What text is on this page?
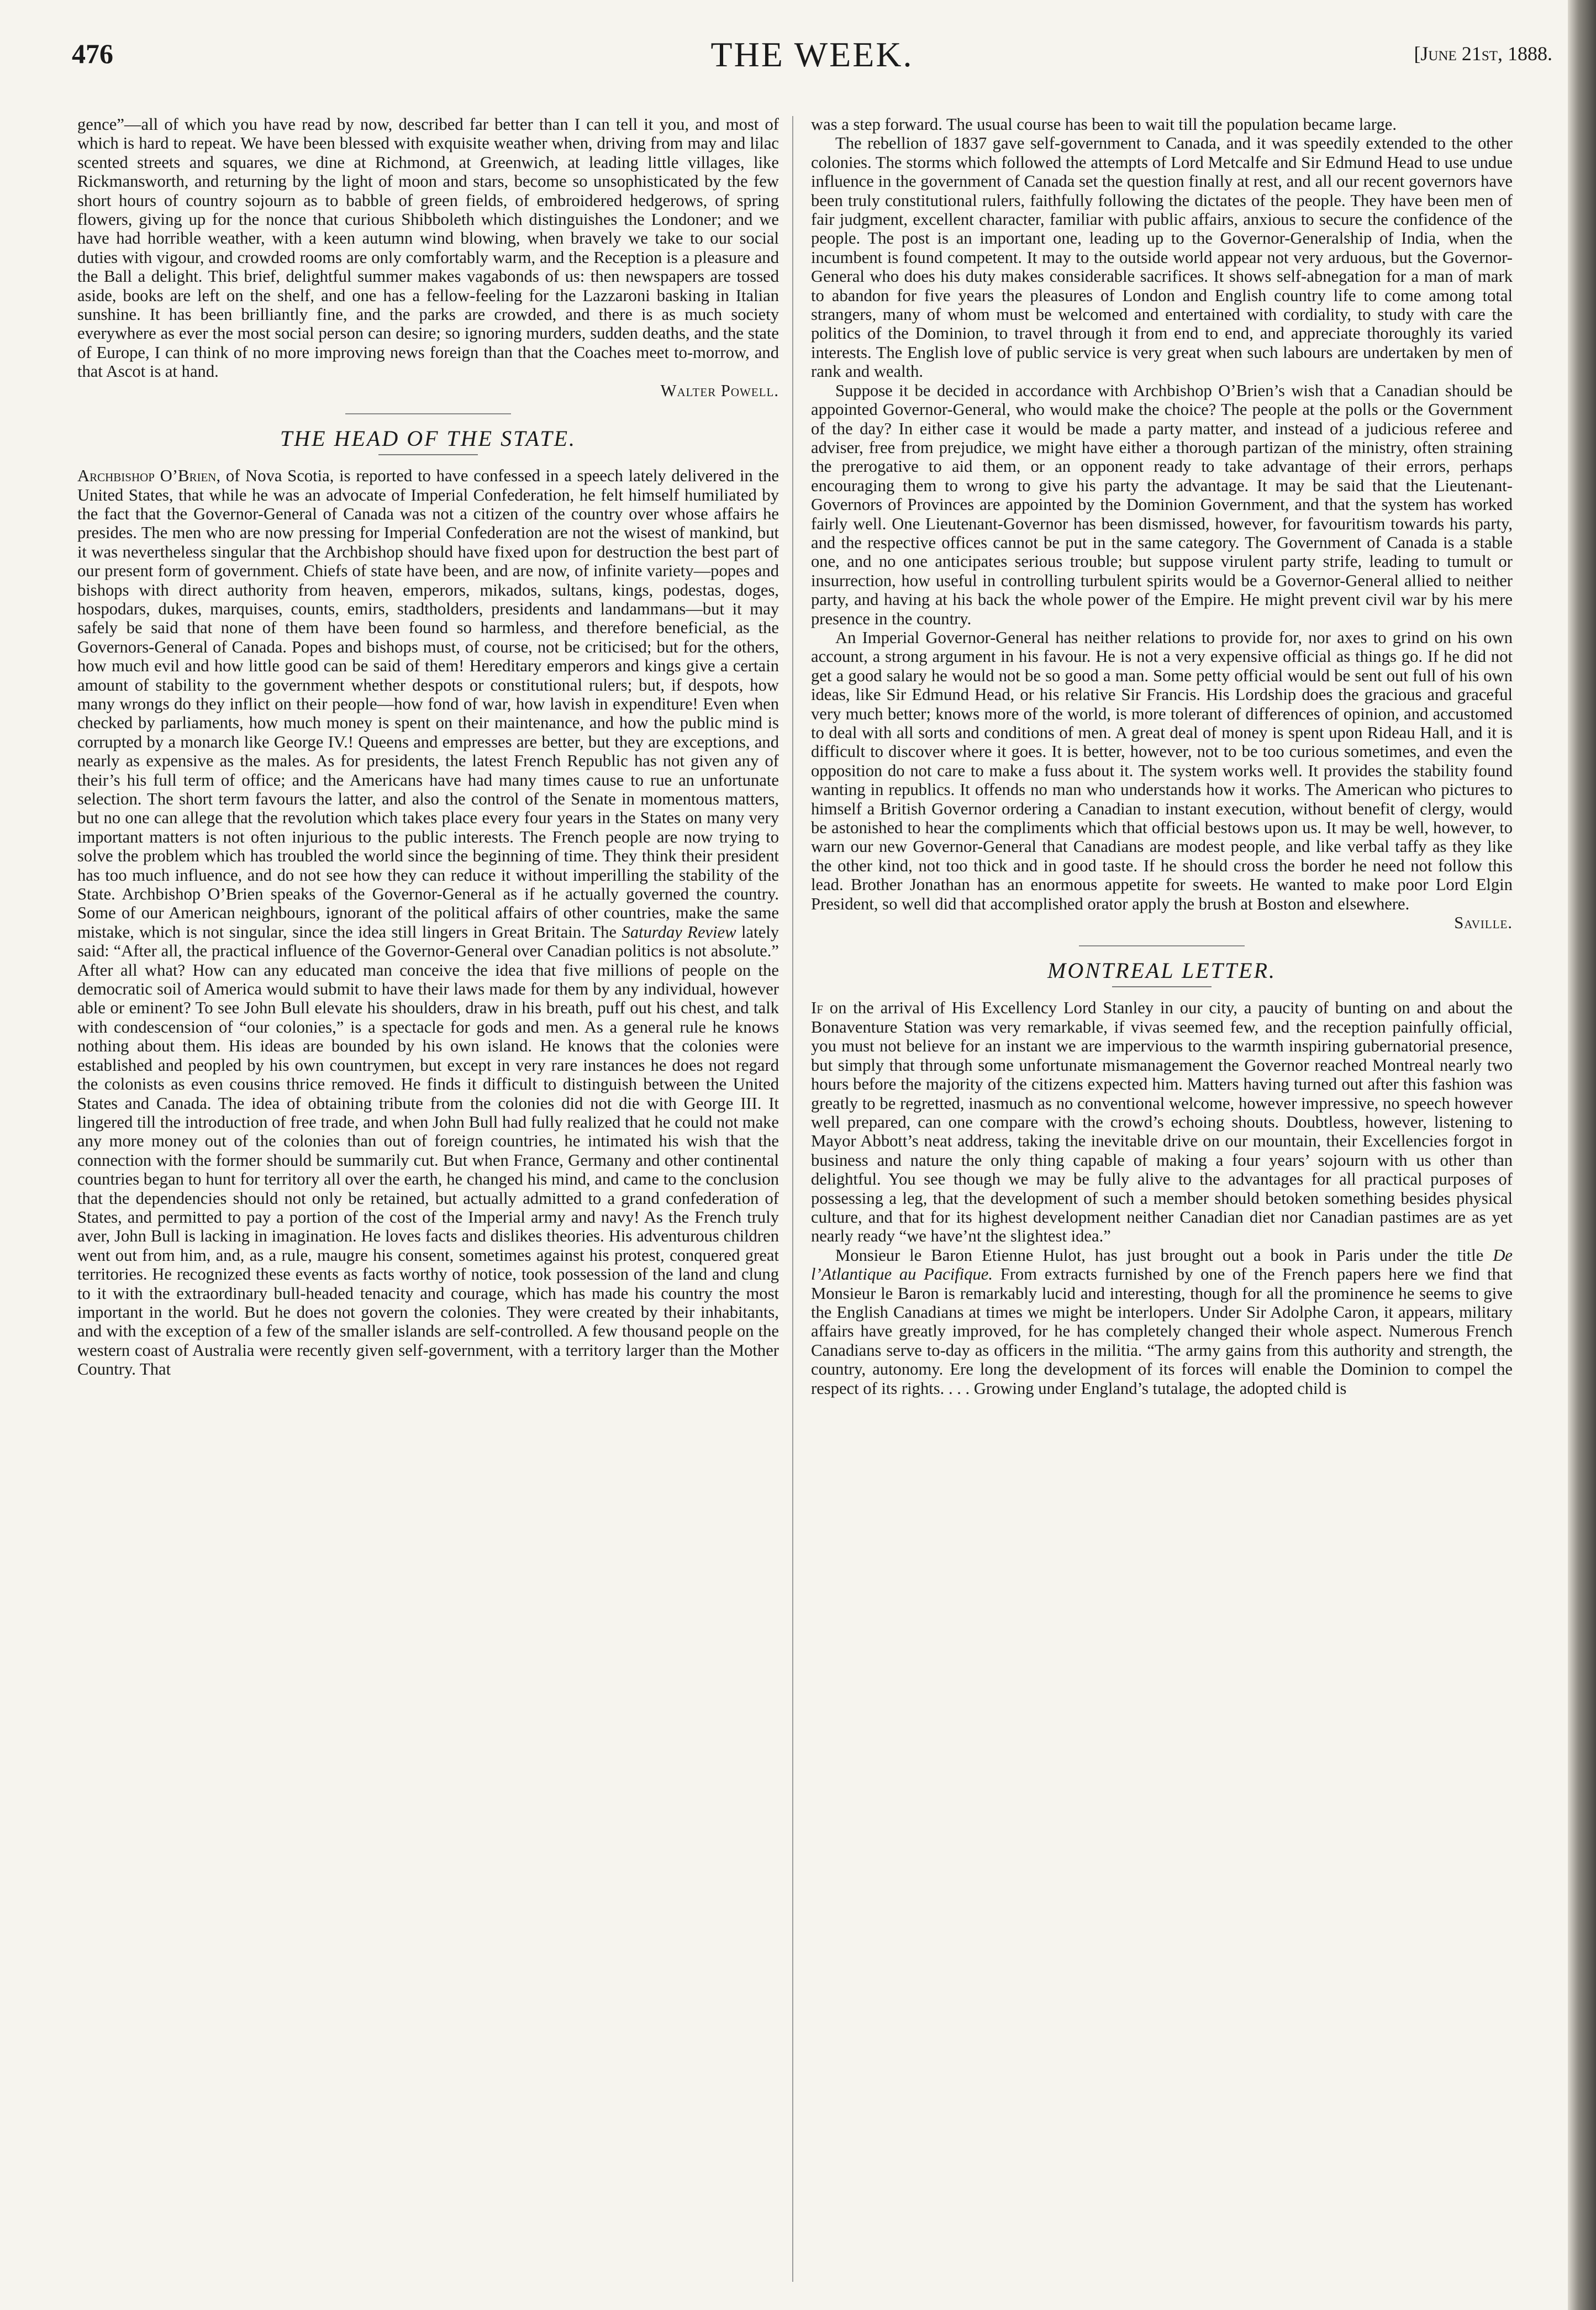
476	THE WEEK.	[June 21st, 1888.

gence”—all of which you have read by now, described far better than I can tell it you, and most of which is hard to repeat. We have been blessed with exquisite weather when, driving from may and lilac scented streets and squares, we dine at Richmond, at Greenwich, at leading little villages, like Rickmansworth, and returning by the light of moon and stars, become so unsophisticated by the few short hours of country sojourn as to babble of green fields, of embroidered hedgerows, of spring flowers, giving up for the nonce that curious Shibboleth which distinguishes the Londoner; and we have had horrible weather, with a keen autumn wind blowing, when bravely we take to our social duties with vigour, and crowded rooms are only comfortably warm, and the Reception is a pleasure and the Ball a delight. This brief, delightful summer makes vagabonds of us: then newspapers are tossed aside, books are left on the shelf, and one has a fellow-feeling for the Lazzaroni basking in Italian sunshine. It has been brilliantly fine, and the parks are crowded, and there is as much society everywhere as ever the most social person can desire; so ignoring murders, sudden deaths, and the state of Europe, I can think of no more improving news foreign than that the Coaches meet to-morrow, and that Ascot is at hand.
Walter Powell.

THE HEAD OF THE STATE.

Archbishop O’Brien, of Nova Scotia, is reported to have confessed in a speech lately delivered in the United States, that while he was an advocate of Imperial Confederation, he felt himself humiliated by the fact that the Governor-General of Canada was not a citizen of the country over whose affairs he presides. The men who are now pressing for Imperial Confederation are not the wisest of mankind, but it was nevertheless singular that the Archbishop should have fixed upon for destruction the best part of our present form of government. Chiefs of state have been, and are now, of infinite variety—popes and bishops with direct authority from heaven, emperors, mikados, sultans, kings, podestas, doges, hospodars, dukes, marquises, counts, emirs, stadtholders, presidents and landammans—but it may safely be said that none of them have been found so harmless, and therefore beneficial, as the Governors-General of Canada. Popes and bishops must, of course, not be criticised; but for the others, how much evil and how little good can be said of them! Hereditary emperors and kings give a certain amount of stability to the government whether despots or constitutional rulers; but, if despots, how many wrongs do they inflict on their people—how fond of war, how lavish in expenditure! Even when checked by parliaments, how much money is spent on their maintenance, and how the public mind is corrupted by a monarch like George IV.! Queens and empresses are better, but they are exceptions, and nearly as expensive as the males. As for presidents, the latest French Republic has not given any of their’s his full term of office; and the Americans have had many times cause to rue an unfortunate selection. The short term favours the latter, and also the control of the Senate in momentous matters, but no one can allege that the revolution which takes place every four years in the States on many very important matters is not often injurious to the public interests. The French people are now trying to solve the problem which has troubled the world since the beginning of time. They think their president has too much influence, and do not see how they can reduce it without imperilling the stability of the State. Archbishop O’Brien speaks of the Governor-General as if he actually governed the country. Some of our American neighbours, ignorant of the political affairs of other countries, make the same mistake, which is not singular, since the idea still lingers in Great Britain. The Saturday Review lately said: “After all, the practical influence of the Governor-General over Canadian politics is not absolute.” After all what? How can any educated man conceive the idea that five millions of people on the democratic soil of America would submit to have their laws made for them by any individual, however able or eminent? To see John Bull elevate his shoulders, draw in his breath, puff out his chest, and talk with condescension of “our colonies,” is a spectacle for gods and men. As a general rule he knows nothing about them. His ideas are bounded by his own island. He knows that the colonies were established and peopled by his own countrymen, but except in very rare instances he does not regard the colonists as even cousins thrice removed. He finds it difficult to distinguish between the United States and Canada. The idea of obtaining tribute from the colonies did not die with George III. It lingered till the introduction of free trade, and when John Bull had fully realized that he could not make any more money out of the colonies than out of foreign countries, he intimated his wish that the connection with the former should be summarily cut. But when France, Germany and other continental countries began to hunt for territory all over the earth, he changed his mind, and came to the conclusion that the dependencies should not only be retained, but actually admitted to a grand confederation of States, and permitted to pay a portion of the cost of the Imperial army and navy! As the French truly aver, John Bull is lacking in imagination. He loves facts and dislikes theories. His adventurous children went out from him, and, as a rule, maugre his consent, sometimes against his protest, conquered great territories. He recognized these events as facts worthy of notice, took possession of the land and clung to it with the extraordinary bull-headed tenacity and courage, which has made his country the most important in the world. But he does not govern the colonies. They were created by their inhabitants, and with the exception of a few of the smaller islands are self-controlled. A few thousand people on the western coast of Australia were recently given self-government, with a territory larger than the Mother Country. That

was a step forward. The usual course has been to wait till the population became large.

The rebellion of 1837 gave self-government to Canada, and it was speedily extended to the other colonies. The storms which followed the attempts of Lord Metcalfe and Sir Edmund Head to use undue influence in the government of Canada set the question finally at rest, and all our recent governors have been truly constitutional rulers, faithfully following the dictates of the people. They have been men of fair judgment, excellent character, familiar with public affairs, anxious to secure the confidence of the people. The post is an important one, leading up to the Governor-Generalship of India, when the incumbent is found competent. It may to the outside world appear not very arduous, but the Governor-General who does his duty makes considerable sacrifices. It shows self-abnegation for a man of mark to abandon for five years the pleasures of London and English country life to come among total strangers, many of whom must be welcomed and entertained with cordiality, to study with care the politics of the Dominion, to travel through it from end to end, and appreciate thoroughly its varied interests. The English love of public service is very great when such labours are undertaken by men of rank and wealth.

Suppose it be decided in accordance with Archbishop O’Brien’s wish that a Canadian should be appointed Governor-General, who would make the choice? The people at the polls or the Government of the day? In either case it would be made a party matter, and instead of a judicious referee and adviser, free from prejudice, we might have either a thorough partizan of the ministry, often straining the prerogative to aid them, or an opponent ready to take advantage of their errors, perhaps encouraging them to wrong to give his party the advantage. It may be said that the Lieutenant-Governors of Provinces are appointed by the Dominion Government, and that the system has worked fairly well. One Lieutenant-Governor has been dismissed, however, for favouritism towards his party, and the respective offices cannot be put in the same category. The Government of Canada is a stable one, and no one anticipates serious trouble; but suppose virulent party strife, leading to tumult or insurrection, how useful in controlling turbulent spirits would be a Governor-General allied to neither party, and having at his back the whole power of the Empire. He might prevent civil war by his mere presence in the country.

An Imperial Governor-General has neither relations to provide for, nor axes to grind on his own account, a strong argument in his favour. He is not a very expensive official as things go. If he did not get a good salary he would not be so good a man. Some petty official would be sent out full of his own ideas, like Sir Edmund Head, or his relative Sir Francis. His Lordship does the gracious and graceful very much better; knows more of the world, is more tolerant of differences of opinion, and accustomed to deal with all sorts and conditions of men. A great deal of money is spent upon Rideau Hall, and it is difficult to discover where it goes. It is better, however, not to be too curious sometimes, and even the opposition do not care to make a fuss about it. The system works well. It provides the stability found wanting in republics. It offends no man who understands how it works. The American who pictures to himself a British Governor ordering a Canadian to instant execution, without benefit of clergy, would be astonished to hear the compliments which that official bestows upon us. It may be well, however, to warn our new Governor-General that Canadians are modest people, and like verbal taffy as they like the other kind, not too thick and in good taste. If he should cross the border he need not follow this lead. Brother Jonathan has an enormous appetite for sweets. He wanted to make poor Lord Elgin President, so well did that accomplished orator apply the brush at Boston and elsewhere.
Saville.

MONTREAL LETTER.

If on the arrival of His Excellency Lord Stanley in our city, a paucity of bunting on and about the Bonaventure Station was very remarkable, if vivas seemed few, and the reception painfully official, you must not believe for an instant we are impervious to the warmth inspiring gubernatorial presence, but simply that through some unfortunate mismanagement the Governor reached Montreal nearly two hours before the majority of the citizens expected him. Matters having turned out after this fashion was greatly to be regretted, inasmuch as no conventional welcome, however impressive, no speech however well prepared, can one compare with the crowd’s echoing shouts. Doubtless, however, listening to Mayor Abbott’s neat address, taking the inevitable drive on our mountain, their Excellencies forgot in business and nature the only thing capable of making a four years’ sojourn with us other than delightful. You see though we may be fully alive to the advantages for all practical purposes of possessing a leg, that the development of such a member should betoken something besides physical culture, and that for its highest development neither Canadian diet nor Canadian pastimes are as yet nearly ready “we have’nt the slightest idea.”

Monsieur le Baron Etienne Hulot, has just brought out a book in Paris under the title De l’Atlantique au Pacifique. From extracts furnished by one of the French papers here we find that Monsieur le Baron is remarkably lucid and interesting, though for all the prominence he seems to give the English Canadians at times we might be interlopers. Under Sir Adolphe Caron, it appears, military affairs have greatly improved, for he has completely changed their whole aspect. Numerous French Canadians serve to-day as officers in the militia. “The army gains from this authority and strength, the country, autonomy. Ere long the development of its forces will enable the Dominion to compel the respect of its rights. . . . Growing under England’s tutalage, the adopted child is
